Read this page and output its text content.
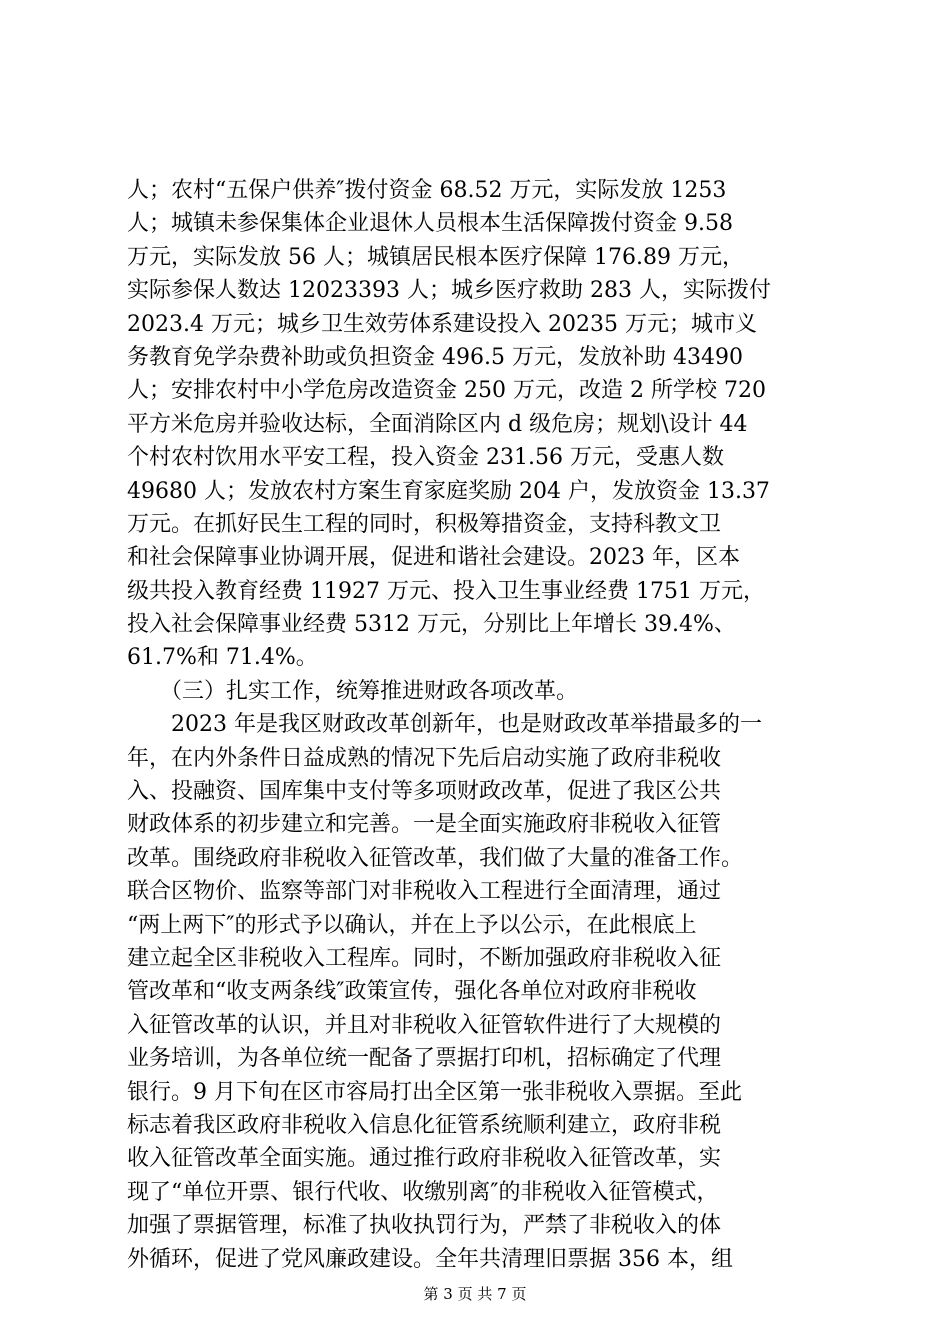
人；农村“五保户供养″拨付资金 68.52 万元，实际发放 1253
人；城镇未参保集体企业退休人员根本生活保障拨付资金 9.58
万元，实际发放 56 人；城镇居民根本医疗保障 176.89 万元，
实际参保人数达 12023393 人；城乡医疗救助 283 人，实际拨付
2023.4 万元；城乡卫生效劳体系建设投入 20235 万元；城市义
务教育免学杂费补助或负担资金 496.5 万元，发放补助 43490
人；安排农村中小学危房改造资金 250 万元，改造 2 所学校 720
平方米危房并验收达标，全面消除区内 d 级危房；规划\设计 44
个村农村饮用水平安工程，投入资金 231.56 万元，受惠人数
49680 人；发放农村方案生育家庭奖励 204 户，发放资金 13.37
万元。在抓好民生工程的同时，积极筹措资金，支持科教文卫
和社会保障事业协调开展，促进和谐社会建设。2023 年，区本
级共投入教育经费 11927 万元、投入卫生事业经费 1751 万元，
投入社会保障事业经费 5312 万元，分别比上年增长 39.4%、
61.7%和 71.4%。
　　（三）扎实工作，统筹推进财政各项改革。
　　2023 年是我区财政改革创新年，也是财政改革举措最多的一
年，在内外条件日益成熟的情况下先后启动实施了政府非税收
入、投融资、国库集中支付等多项财政改革，促进了我区公共
财政体系的初步建立和完善。一是全面实施政府非税收入征管
改革。围绕政府非税收入征管改革，我们做了大量的准备工作。
联合区物价、监察等部门对非税收入工程进行全面清理，通过
“两上两下″的形式予以确认，并在上予以公示，在此根底上
建立起全区非税收入工程库。同时，不断加强政府非税收入征
管改革和“收支两条线″政策宣传，强化各单位对政府非税收
入征管改革的认识，并且对非税收入征管软件进行了大规模的
业务培训，为各单位统一配备了票据打印机，招标确定了代理
银行。9 月下旬在区市容局打出全区第一张非税收入票据。至此
标志着我区政府非税收入信息化征管系统顺利建立，政府非税
收入征管改革全面实施。通过推行政府非税收入征管改革，实
现了“单位开票、银行代收、收缴别离″的非税收入征管模式，
加强了票据管理，标准了执收执罚行为，严禁了非税收入的体
外循环，促进了党风廉政建设。全年共清理旧票据 356 本，组
第 3 页 共 7 页
